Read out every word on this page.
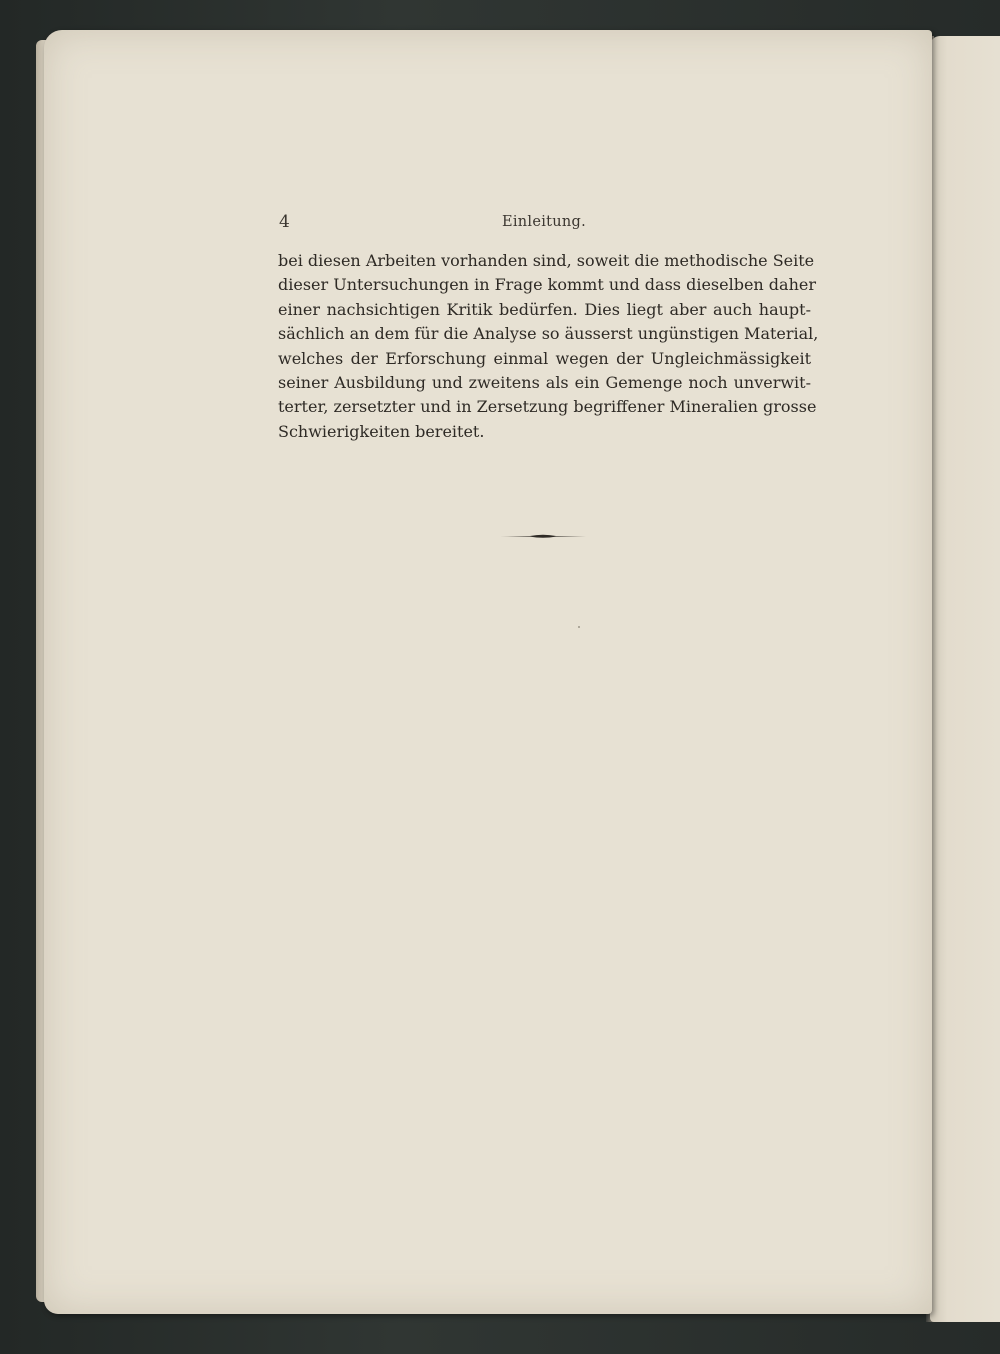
4	Einleitung.

bei diesen Arbeiten vorhanden sind, soweit die methodische Seite
dieser Untersuchungen in Frage kommt und dass dieselben daher
einer nachsichtigen Kritik bedürfen. Dies liegt aber auch haupt-
sächlich an dem für die Analyse so äusserst ungünstigen Material,
welches der Erforschung einmal wegen der Ungleichmässigkeit
seiner Ausbildung und zweitens als ein Gemenge noch unverwit-
terter, zersetzter und in Zersetzung begriffener Mineralien grosse
Schwierigkeiten bereitet.
